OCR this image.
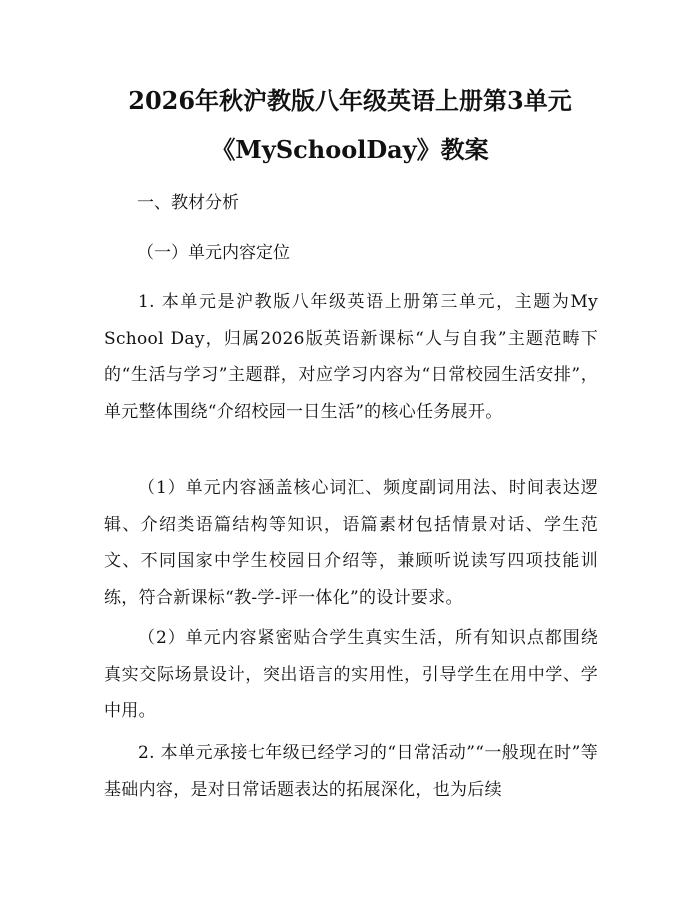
2026年秋沪教版八年级英语上册第3单元
《MySchoolDay》教案

一、教材分析

（一）单元内容定位

1. 本单元是沪教版八年级英语上册第三单元，主题为My School Day，归属2026版英语新课标“人与自我”主题范畴下的“生活与学习”主题群，对应学习内容为“日常校园生活安排”，单元整体围绕“介绍校园一日生活”的核心任务展开。

（1）单元内容涵盖核心词汇、频度副词用法、时间表达逻辑、介绍类语篇结构等知识，语篇素材包括情景对话、学生范文、不同国家中学生校园日介绍等，兼顾听说读写四项技能训练，符合新课标“教-学-评一体化”的设计要求。

（2）单元内容紧密贴合学生真实生活，所有知识点都围绕真实交际场景设计，突出语言的实用性，引导学生在用中学、学中用。

2. 本单元承接七年级已经学习的“日常活动”“一般现在时”等基础内容，是对日常话题表达的拓展深化，也为后续
